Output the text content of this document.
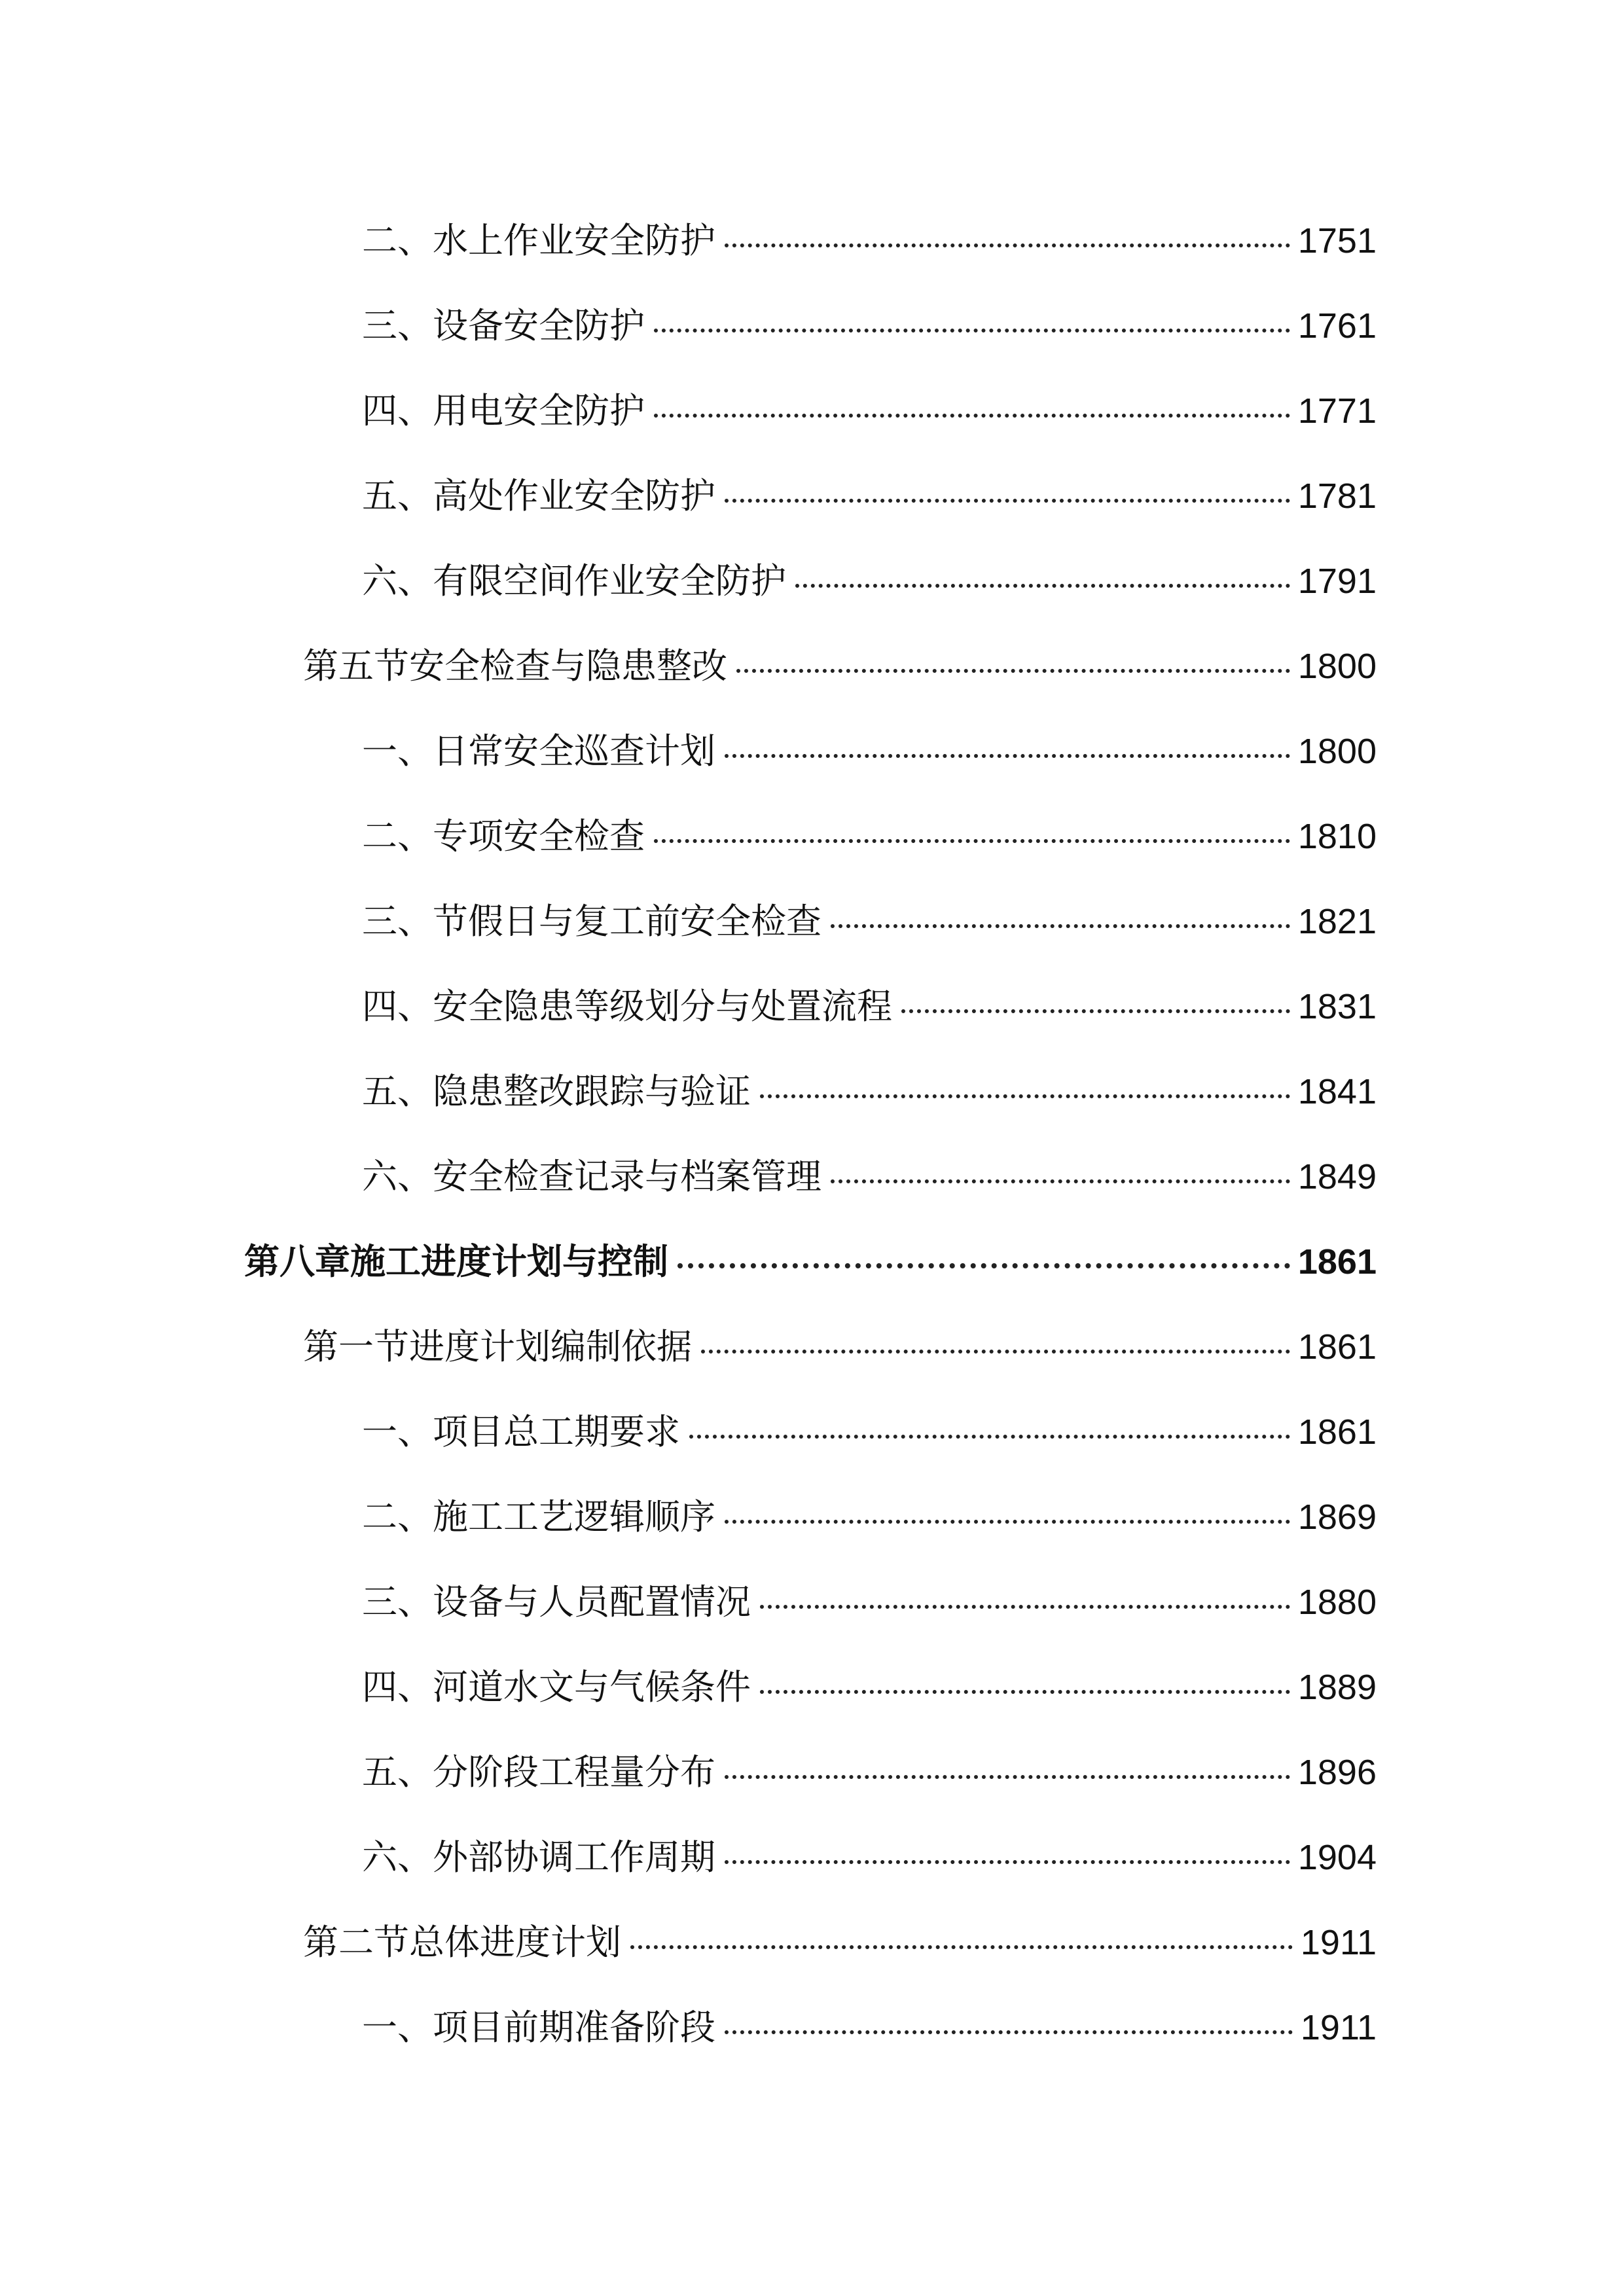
二、水上作业安全防护	1751
三、设备安全防护	1761
四、用电安全防护	1771
五、高处作业安全防护	1781
六、有限空间作业安全防护	1791
第五节安全检查与隐患整改	1800
一、日常安全巡查计划	1800
二、专项安全检查	1810
三、节假日与复工前安全检查	1821
四、安全隐患等级划分与处置流程	1831
五、隐患整改跟踪与验证	1841
六、安全检查记录与档案管理	1849
第八章施工进度计划与控制	1861
第一节进度计划编制依据	1861
一、项目总工期要求	1861
二、施工工艺逻辑顺序	1869
三、设备与人员配置情况	1880
四、河道水文与气候条件	1889
五、分阶段工程量分布	1896
六、外部协调工作周期	1904
第二节总体进度计划	1911
一、项目前期准备阶段	1911
